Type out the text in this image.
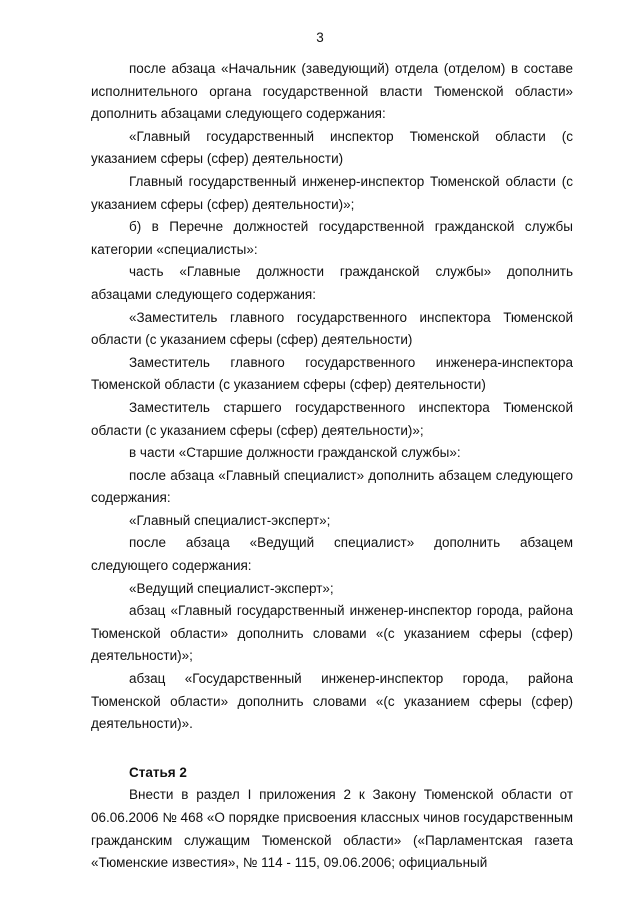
3

после абзаца «Начальник (заведующий) отдела (отделом) в составе исполнительного органа государственной власти Тюменской области» дополнить абзацами следующего содержания:

«Главный государственный инспектор Тюменской области (с указанием сферы (сфер) деятельности)

Главный государственный инженер-инспектор Тюменской области (с указанием сферы (сфер) деятельности)»;

б) в Перечне должностей государственной гражданской службы категории «специалисты»:

часть «Главные должности гражданской службы» дополнить абзацами следующего содержания:

«Заместитель главного государственного инспектора Тюменской области (с указанием сферы (сфер) деятельности)

Заместитель главного государственного инженера-инспектора Тюменской области (с указанием сферы (сфер) деятельности)

Заместитель старшего государственного инспектора Тюменской области (с указанием сферы (сфер) деятельности)»;

в части «Старшие должности гражданской службы»:

после абзаца «Главный специалист» дополнить абзацем следующего содержания:

«Главный специалист-эксперт»;

после абзаца «Ведущий специалист» дополнить абзацем следующего содержания:

«Ведущий специалист-эксперт»;

абзац «Главный государственный инженер-инспектор города, района Тюменской области» дополнить словами «(с указанием сферы (сфер) деятельности)»;

абзац «Государственный инженер-инспектор города, района Тюменской области» дополнить словами «(с указанием сферы (сфер) деятельности)».

Статья 2

Внести в раздел I приложения 2 к Закону Тюменской области от 06.06.2006 № 468 «О порядке присвоения классных чинов государственным гражданским служащим Тюменской области» («Парламентская газета «Тюменские известия», № 114 - 115, 09.06.2006; официальный
